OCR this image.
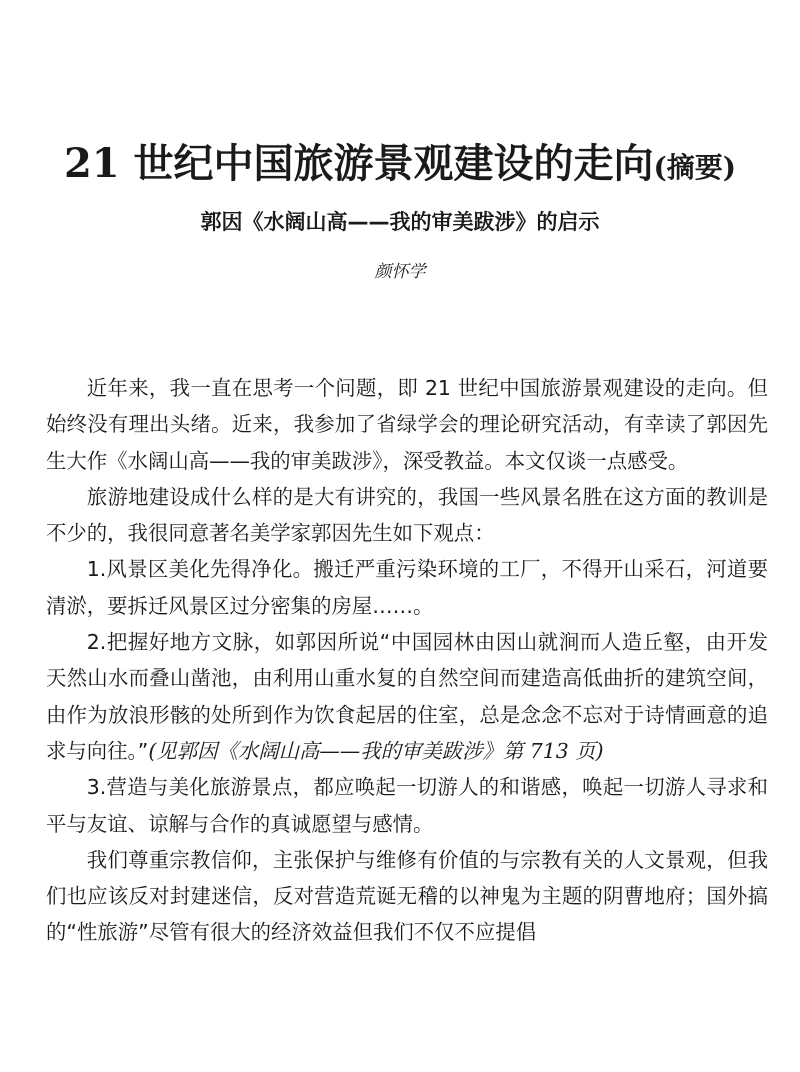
21 世纪中国旅游景观建设的走向(摘要)
郭因《水阔山高——我的审美跋涉》的启示
颜怀学

近年来，我一直在思考一个问题，即 21 世纪中国旅游景观建设的走向。但始终没有理出头绪。近来，我参加了省绿学会的理论研究活动，有幸读了郭因先生大作《水阔山高——我的审美跋涉》，深受教益。本文仅谈一点感受。

旅游地建设成什么样的是大有讲究的，我国一些风景名胜在这方面的教训是不少的，我很同意著名美学家郭因先生如下观点：

1.风景区美化先得净化。搬迁严重污染环境的工厂，不得开山采石，河道要清淤，要拆迁风景区过分密集的房屋……。

2.把握好地方文脉，如郭因所说“中国园林由因山就涧而人造丘壑，由开发天然山水而叠山凿池，由利用山重水复的自然空间而建造高低曲折的建筑空间，由作为放浪形骸的处所到作为饮食起居的住室，总是念念不忘对于诗情画意的追求与向往。”(见郭因《水阔山高——我的审美跋涉》第 713 页)

3.营造与美化旅游景点，都应唤起一切游人的和谐感，唤起一切游人寻求和平与友谊、谅解与合作的真诚愿望与感情。

我们尊重宗教信仰，主张保护与维修有价值的与宗教有关的人文景观，但我们也应该反对封建迷信，反对营造荒诞无稽的以神鬼为主题的阴曹地府；国外搞的“性旅游”尽管有很大的经济效益但我们不仅不应提倡
